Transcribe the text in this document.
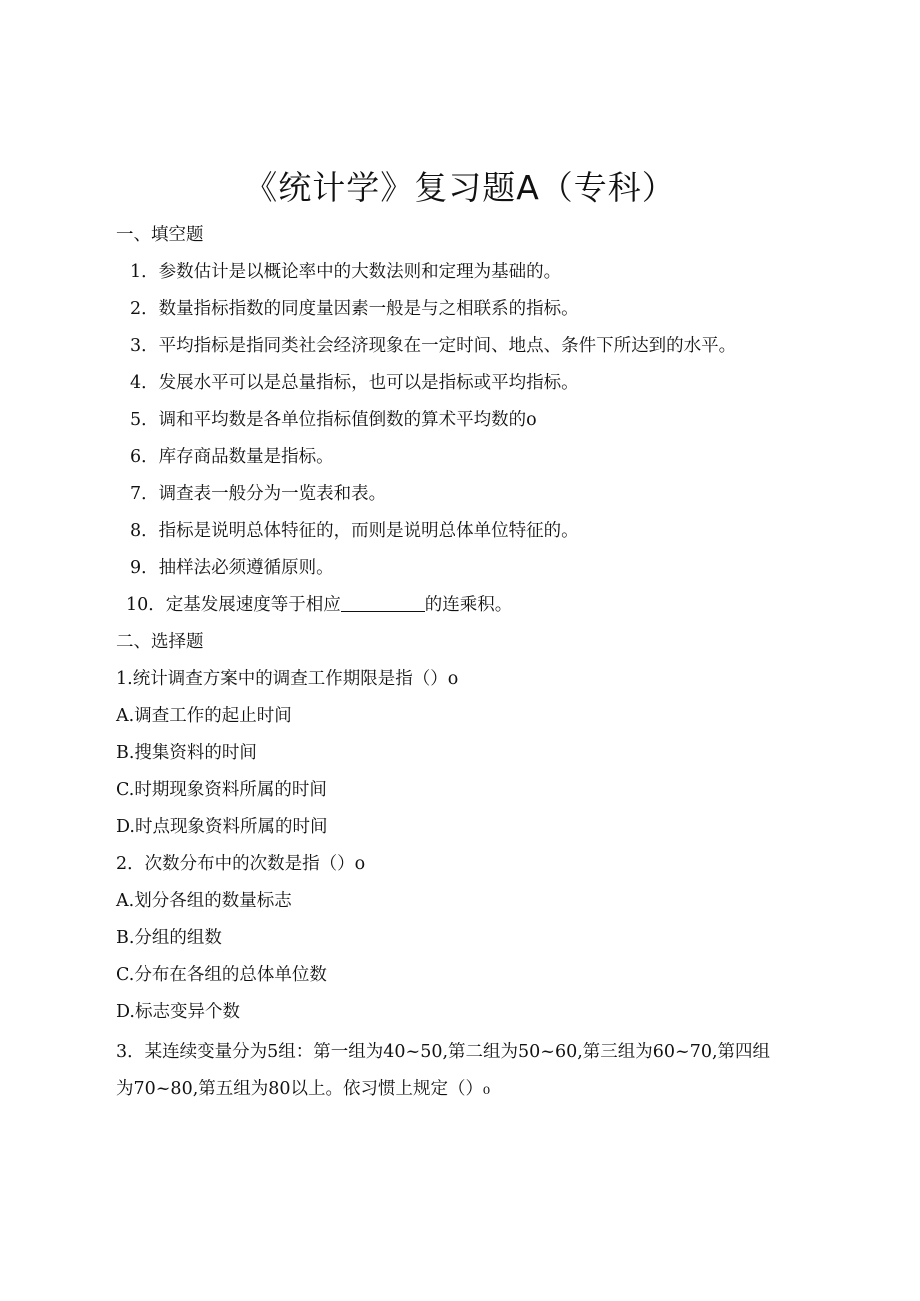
《统计学》复习题A（专科）
一、填空题
1．参数估计是以概论率中的大数法则和定理为基础的。
2．数量指标指数的同度量因素一般是与之相联系的指标。
3．平均指标是指同类社会经济现象在一定时间、地点、条件下所达到的水平。
4．发展水平可以是总量指标，也可以是指标或平均指标。
5．调和平均数是各单位指标值倒数的算术平均数的o
6．库存商品数量是指标。
7．调查表一般分为一览表和表。
8．指标是说明总体特征的，而则是说明总体单位特征的。
9．抽样法必须遵循原则。
10．定基发展速度等于相应	的连乘积。
二、选择题
1.统计调查方案中的调查工作期限是指（）o
A.调查工作的起止时间
B.搜集资料的时间
C.时期现象资料所属的时间
D.时点现象资料所属的时间
2．次数分布中的次数是指（）o
A.划分各组的数量标志
B.分组的组数
C.分布在各组的总体单位数
D.标志变异个数
3．某连续变量分为5组：第一组为40~50,第二组为50~60,第三组为60~70,第四组
为70~80,第五组为80以上。依习惯上规定（）₀
